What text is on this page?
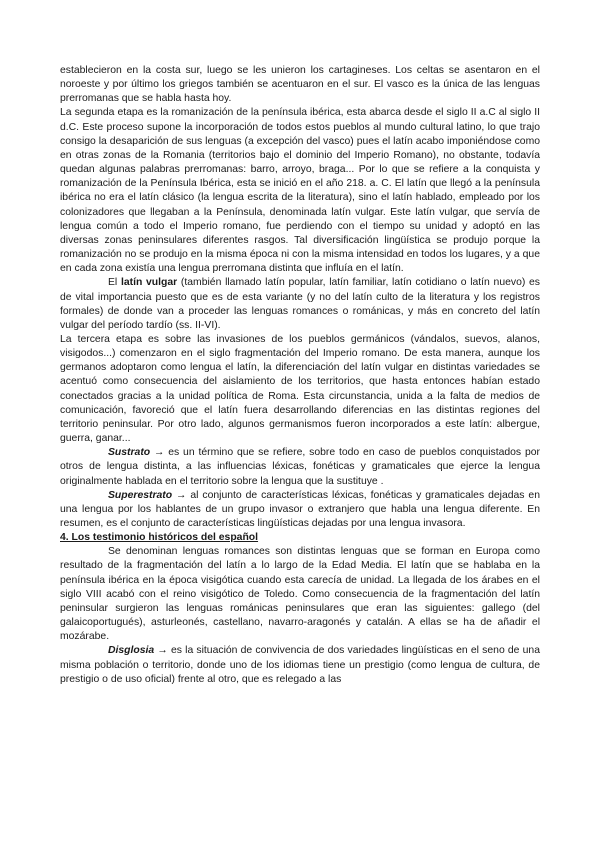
establecieron en la costa sur, luego se les unieron los cartagineses. Los celtas se asentaron en el noroeste y por último los griegos también se acentuaron en el sur. El vasco es la única de las lenguas prerromanas que se habla hasta hoy.

La segunda etapa es la romanización de la península ibérica, esta abarca desde el siglo II a.C al siglo II d.C. Este proceso supone la incorporación de todos estos pueblos al mundo cultural latino, lo que trajo consigo la desaparición de sus lenguas (a excepción del vasco) pues el latín acabo imponiéndose como en otras zonas de la Romania (territorios bajo el dominio del Imperio Romano), no obstante, todavía quedan algunas palabras prerromanas: barro, arroyo, braga... Por lo que se refiere a la conquista y romanización de la Península Ibérica, esta se inició en el año 218. a. C. El latín que llegó a la península ibérica no era el latín clásico (la lengua escrita de la literatura), sino el latín hablado, empleado por los colonizadores que llegaban a la Península, denominada latín vulgar. Este latín vulgar, que servía de lengua común a todo el Imperio romano, fue perdiendo con el tiempo su unidad y adoptó en las diversas zonas peninsulares diferentes rasgos. Tal diversificación lingüística se produjo porque la romanización no se produjo en la misma época ni con la misma intensidad en todos los lugares, y a que en cada zona existía una lengua prerromana distinta que influía en el latín.

El latín vulgar (también llamado latín popular, latín familiar, latín cotidiano o latín nuevo) es de vital importancia puesto que es de esta variante (y no del latín culto de la literatura y los registros formales) de donde van a proceder las lenguas romances o románicas, y más en concreto del latín vulgar del período tardío (ss. II-VI).

La tercera etapa es sobre las invasiones de los pueblos germánicos (vándalos, suevos, alanos, visigodos...) comenzaron en el siglo fragmentación del Imperio romano. De esta manera, aunque los germanos adoptaron como lengua el latín, la diferenciación del latín vulgar en distintas variedades se acentuó como consecuencia del aislamiento de los territorios, que hasta entonces habían estado conectados gracias a la unidad política de Roma. Esta circunstancia, unida a la falta de medios de comunicación, favoreció que el latín fuera desarrollando diferencias en las distintas regiones del territorio peninsular. Por otro lado, algunos germanismos fueron incorporados a este latín: albergue, guerra, ganar...

Sustrato → es un término que se refiere, sobre todo en caso de pueblos conquistados por otros de lengua distinta, a las influencias léxicas, fonéticas y gramaticales que ejerce la lengua originalmente hablada en el territorio sobre la lengua que la sustituye .

Superestrato → al conjunto de características léxicas, fonéticas y gramaticales dejadas en una lengua por los hablantes de un grupo invasor o extranjero que habla una lengua diferente. En resumen, es el conjunto de características lingüísticas dejadas por una lengua invasora.

4. Los testimonio históricos del español

Se denominan lenguas romances son distintas lenguas que se forman en Europa como resultado de la fragmentación del latín a lo largo de la Edad Media. El latín que se hablaba en la península ibérica en la época visigótica cuando esta carecía de unidad. La llegada de los árabes en el siglo VIII acabó con el reino visigótico de Toledo. Como consecuencia de la fragmentación del latín peninsular surgieron las lenguas románicas peninsulares que eran las siguientes: gallego (del galaicoportugués), asturleonés, castellano, navarro-aragonés y catalán. A ellas se ha de añadir el mozárabe.

Disglosia → es la situación de convivencia de dos variedades lingüísticas en el seno de una misma población o territorio, donde uno de los idiomas tiene un prestigio (como lengua de cultura, de prestigio o de uso oficial) frente al otro, que es relegado a las
